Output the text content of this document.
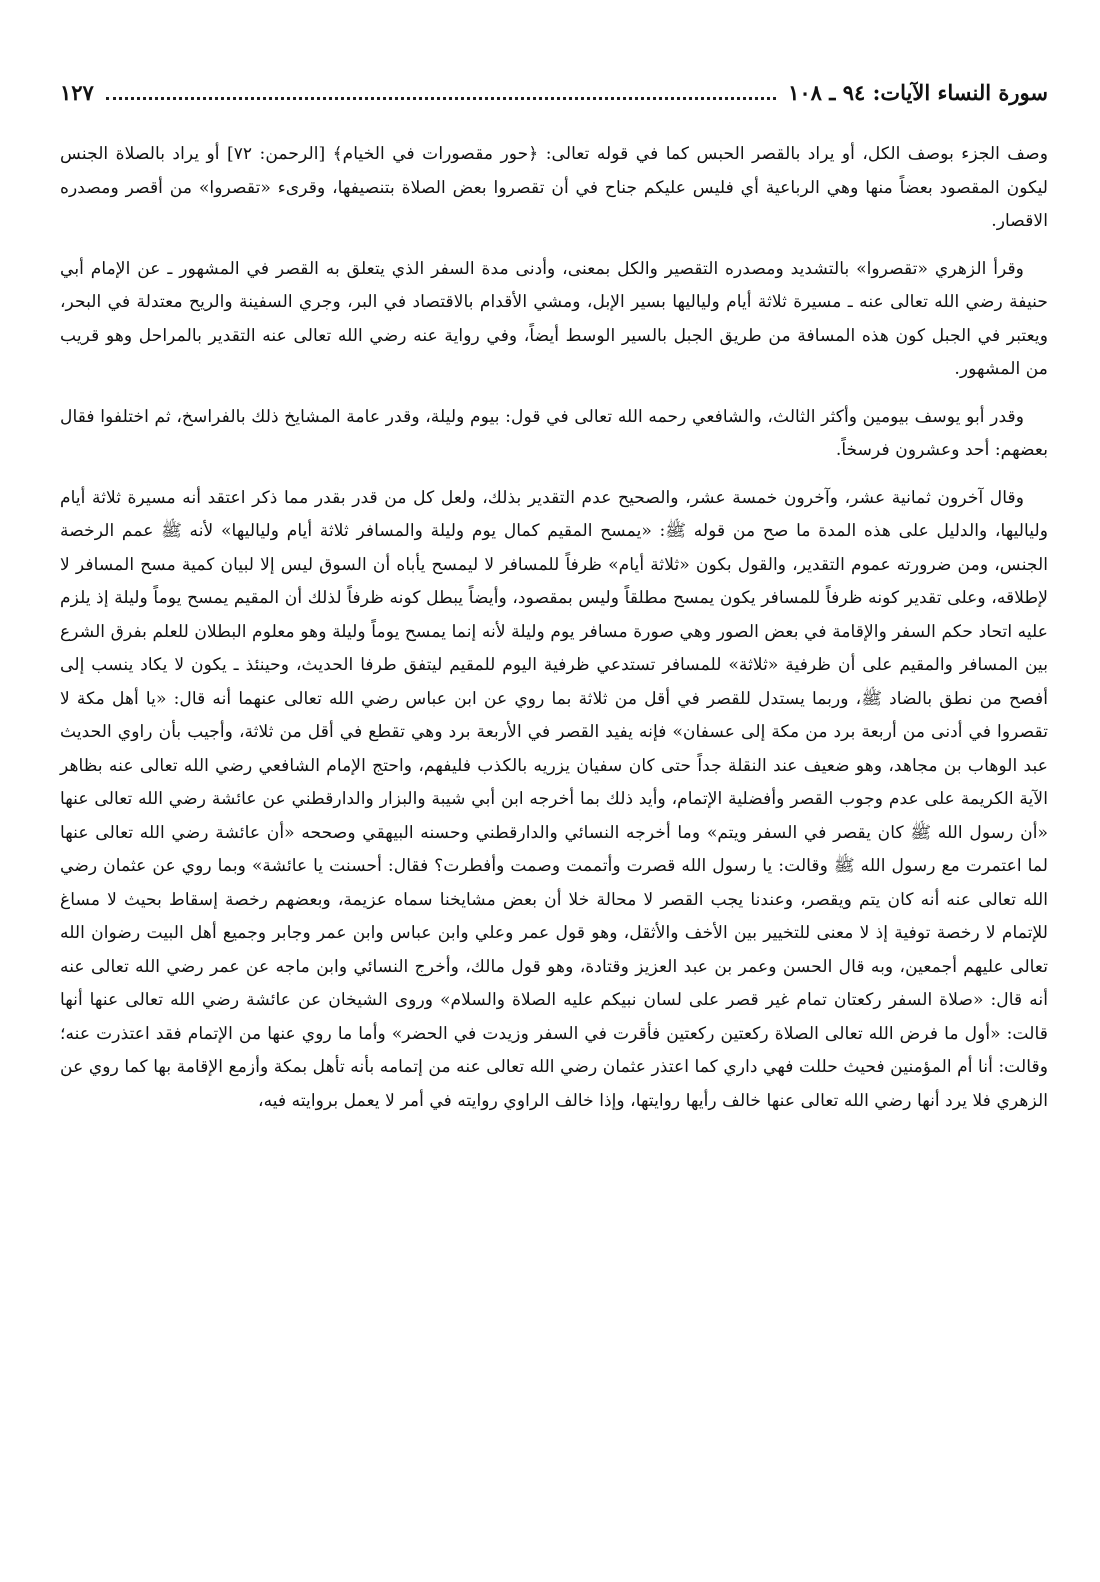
سورة النساء الآيات: ٩٤ ـ ١٠٨
١٢٧

وصف الجزء بوصف الكل، أو يراد بالقصر الحبس كما في قوله تعالى: ﴿حور مقصورات في الخيام﴾ [الرحمن: ٧٢] أو يراد بالصلاة الجنس ليكون المقصود بعضاً منها وهي الرباعية أي فليس عليكم جناح في أن تقصروا بعض الصلاة بتنصيفها، وقرىء «تقصروا» من أقصر ومصدره الاقصار.

وقرأ الزهري «تقصروا» بالتشديد ومصدره التقصير والكل بمعنى، وأدنى مدة السفر الذي يتعلق به القصر في المشهور ـ عن الإمام أبي حنيفة رضي الله تعالى عنه ـ مسيرة ثلاثة أيام ولياليها بسير الإبل، ومشي الأقدام بالاقتصاد في البر، وجري السفينة والريح معتدلة في البحر، ويعتبر في الجبل كون هذه المسافة من طريق الجبل بالسير الوسط أيضاً، وفي رواية عنه رضي الله تعالى عنه التقدير بالمراحل وهو قريب من المشهور.

وقدر أبو يوسف بيومين وأكثر الثالث، والشافعي رحمه الله تعالى في قول: بيوم وليلة، وقدر عامة المشايخ ذلك بالفراسخ، ثم اختلفوا فقال بعضهم: أحد وعشرون فرسخاً.

وقال آخرون ثمانية عشر، وآخرون خمسة عشر، والصحيح عدم التقدير بذلك، ولعل كل من قدر بقدر مما ذكر اعتقد أنه مسيرة ثلاثة أيام ولياليها، والدليل على هذه المدة ما صح من قوله ﷺ: «يمسح المقيم كمال يوم وليلة والمسافر ثلاثة أيام ولياليها» لأنه ﷺ عمم الرخصة الجنس، ومن ضرورته عموم التقدير، والقول بكون «ثلاثة أيام» ظرفاً للمسافر لا ليمسح يأباه أن السوق ليس إلا لبيان كمية مسح المسافر لا لإطلاقه، وعلى تقدير كونه ظرفاً للمسافر يكون يمسح مطلقاً وليس بمقصود، وأيضاً يبطل كونه ظرفاً لذلك أن المقيم يمسح يوماً وليلة إذ يلزم عليه اتحاد حكم السفر والإقامة في بعض الصور وهي صورة مسافر يوم وليلة لأنه إنما يمسح يوماً وليلة وهو معلوم البطلان للعلم بفرق الشرع بين المسافر والمقيم على أن ظرفية «ثلاثة» للمسافر تستدعي ظرفية اليوم للمقيم ليتفق طرفا الحديث، وحينئذ ـ يكون لا يكاد ينسب إلى أفصح من نطق بالضاد ﷺ، وربما يستدل للقصر في أقل من ثلاثة بما روي عن ابن عباس رضي الله تعالى عنهما أنه قال: «يا أهل مكة لا تقصروا في أدنى من أربعة برد من مكة إلى عسفان» فإنه يفيد القصر في الأربعة برد وهي تقطع في أقل من ثلاثة، وأجيب بأن راوي الحديث عبد الوهاب بن مجاهد، وهو ضعيف عند النقلة جداً حتى كان سفيان يزريه بالكذب فليفهم، واحتج الإمام الشافعي رضي الله تعالى عنه بظاهر الآية الكريمة على عدم وجوب القصر وأفضلية الإتمام، وأيد ذلك بما أخرجه ابن أبي شيبة والبزار والدارقطني عن عائشة رضي الله تعالى عنها «أن رسول الله ﷺ كان يقصر في السفر ويتم» وما أخرجه النسائي والدارقطني وحسنه البيهقي وصححه «أن عائشة رضي الله تعالى عنها لما اعتمرت مع رسول الله ﷺ وقالت: يا رسول الله قصرت وأتممت وصمت وأفطرت؟ فقال: أحسنت يا عائشة» وبما روي عن عثمان رضي الله تعالى عنه أنه كان يتم ويقصر، وعندنا يجب القصر لا محالة خلا أن بعض مشايخنا سماه عزيمة، وبعضهم رخصة إسقاط بحيث لا مساغ للإتمام لا رخصة توفية إذ لا معنى للتخيير بين الأخف والأثقل، وهو قول عمر وعلي وابن عباس وابن عمر وجابر وجميع أهل البيت رضوان الله تعالى عليهم أجمعين، وبه قال الحسن وعمر بن عبد العزيز وقتادة، وهو قول مالك، وأخرج النسائي وابن ماجه عن عمر رضي الله تعالى عنه أنه قال: «صلاة السفر ركعتان تمام غير قصر على لسان نبيكم عليه الصلاة والسلام» وروى الشيخان عن عائشة رضي الله تعالى عنها أنها قالت: «أول ما فرض الله تعالى الصلاة ركعتين ركعتين فأقرت في السفر وزيدت في الحضر» وأما ما روي عنها من الإتمام فقد اعتذرت عنه؛ وقالت: أنا أم المؤمنين فحيث حللت فهي داري كما اعتذر عثمان رضي الله تعالى عنه من إتمامه بأنه تأهل بمكة وأزمع الإقامة بها كما روي عن الزهري فلا يرد أنها رضي الله تعالى عنها خالف رأيها روايتها، وإذا خالف الراوي روايته في أمر لا يعمل بروايته فيه،
